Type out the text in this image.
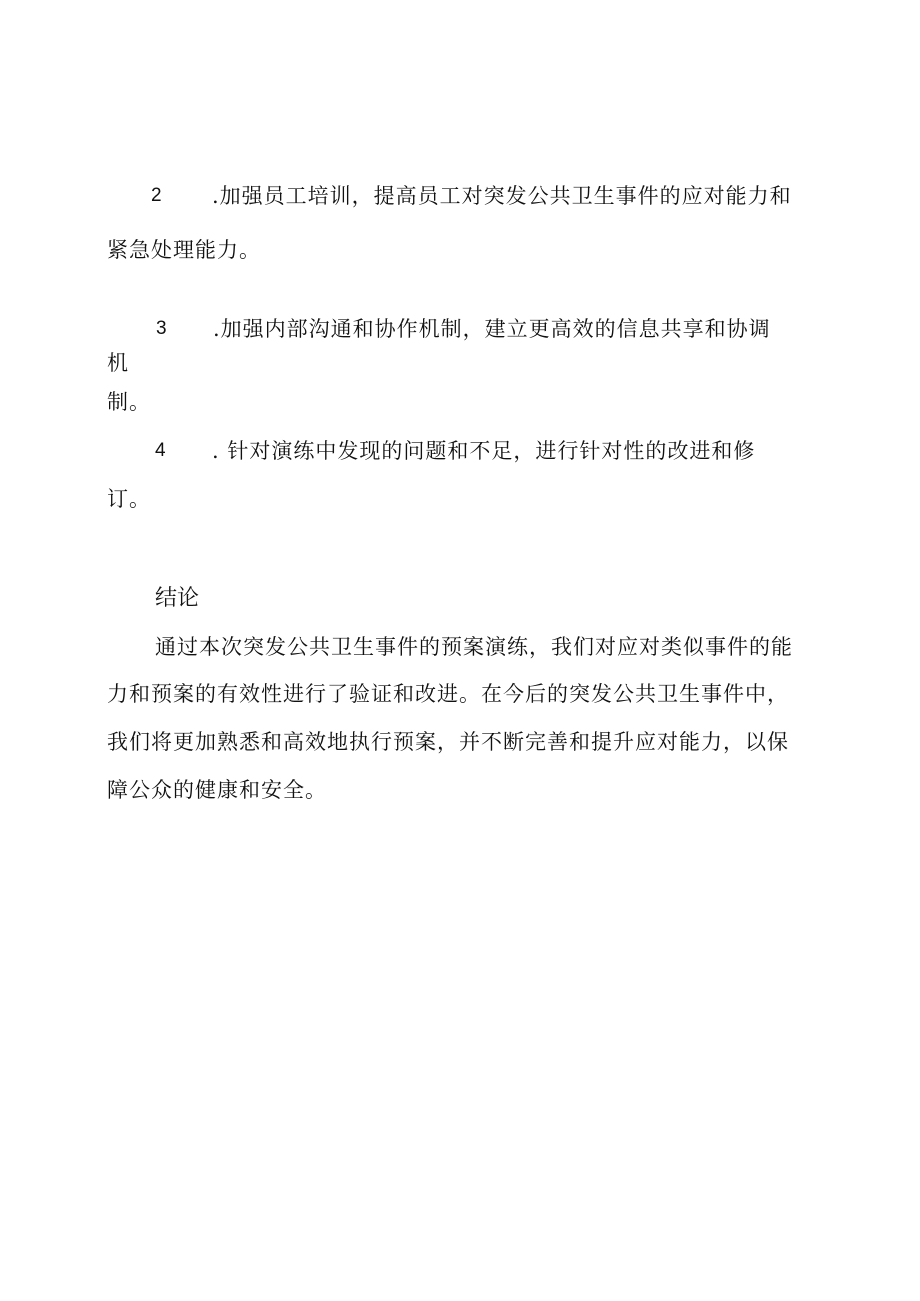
2 .加强员工培训，提高员工对突发公共卫生事件的应对能力和
紧急处理能力。
3 .加强内部沟通和协作机制，建立更高效的信息共享和协调
机
制。
4 . 针对演练中发现的问题和不足，进行针对性的改进和修
订。
结论
通过本次突发公共卫生事件的预案演练，我们对应对类似事件的能
力和预案的有效性进行了验证和改进。在今后的突发公共卫生事件中，
我们将更加熟悉和高效地执行预案，并不断完善和提升应对能力，以保
障公众的健康和安全。
